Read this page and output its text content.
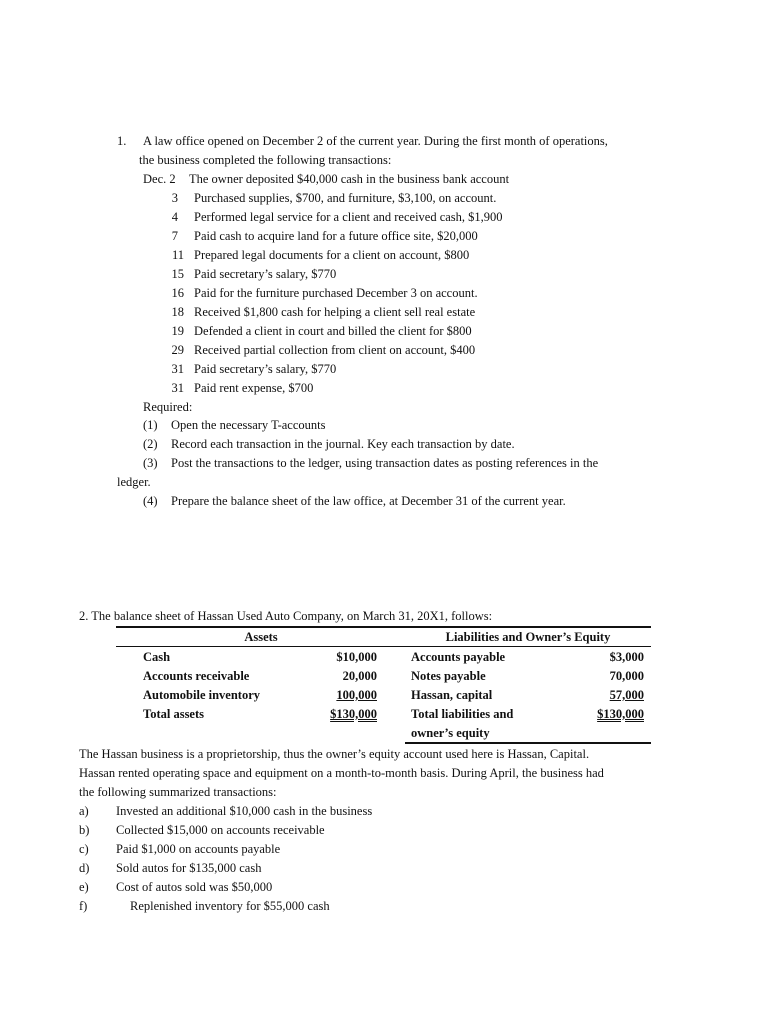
1. A law office opened on December 2 of the current year. During the first month of operations,
the business completed the following transactions:
Dec. 2 The owner deposited $40,000 cash in the business bank account
3 Purchased supplies, $700, and furniture, $3,100, on account.
4 Performed legal service for a client and received cash, $1,900
7 Paid cash to acquire land for a future office site, $20,000
11 Prepared legal documents for a client on account, $800
15 Paid secretary’s salary, $770
16 Paid for the furniture purchased December 3 on account.
18 Received $1,800 cash for helping a client sell real estate
19 Defended a client in court and billed the client for $800
29 Received partial collection from client on account, $400
31 Paid secretary’s salary, $770
31 Paid rent expense, $700
Required:
(1) Open the necessary T-accounts
(2) Record each transaction in the journal. Key each transaction by date.
(3) Post the transactions to the ledger, using transaction dates as posting references in the
ledger.
(4) Prepare the balance sheet of the law office, at December 31 of the current year.
2. The balance sheet of Hassan Used Auto Company, on March 31, 20X1, follows:
Assets	Liabilities and Owner’s Equity
Cash	$10,000	Accounts payable	$3,000
Accounts receivable	20,000	Notes payable	70,000
Automobile inventory	100,000	Hassan, capital	57,000
Total assets	$130,000	Total liabilities and	$130,000
owner’s equity
The Hassan business is a proprietorship, thus the owner’s equity account used here is Hassan, Capital.
Hassan rented operating space and equipment on a month-to-month basis. During April, the business had
the following summarized transactions:
a) Invested an additional $10,000 cash in the business
b) Collected $15,000 on accounts receivable
c) Paid $1,000 on accounts payable
d) Sold autos for $135,000 cash
e) Cost of autos sold was $50,000
f)	Replenished inventory for $55,000 cash
